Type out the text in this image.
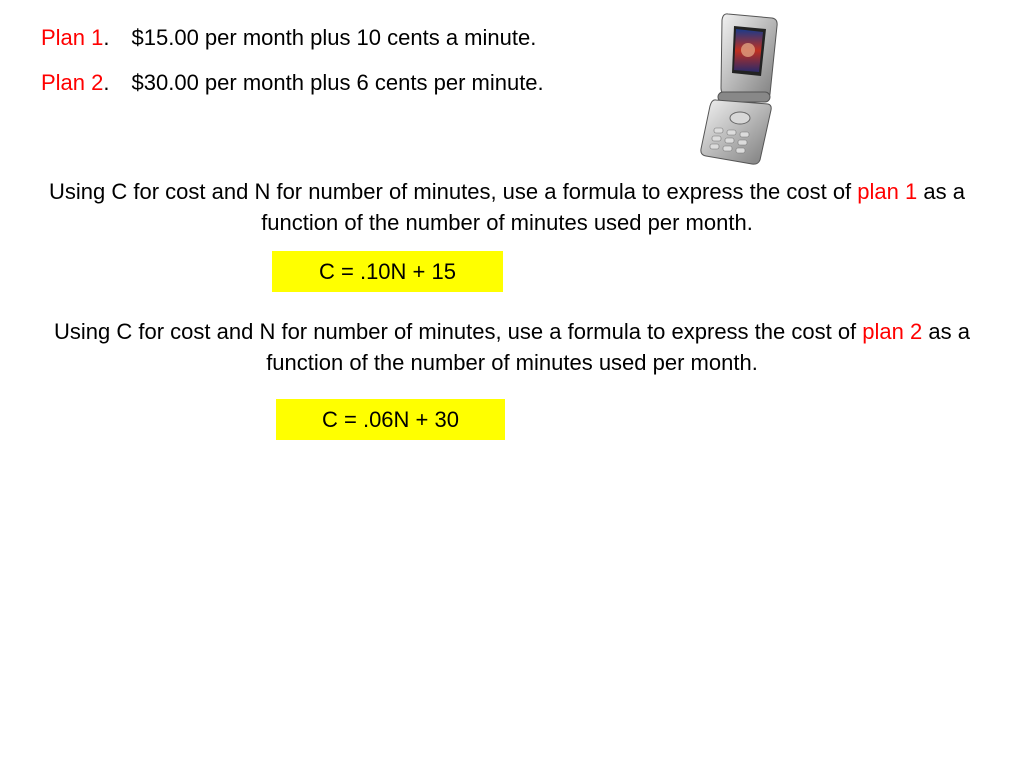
Plan 1. $15.00 per month plus 10 cents a minute.
Plan 2. $30.00 per month plus 6 cents per minute.
Using C for cost and N for number of minutes, use a formula to express the cost of plan 1 as a function of the number of minutes used per month.
C = .10N + 15
Using C for cost and N for number of minutes, use a formula to express the cost of plan 2 as a function of the number of minutes used per month.
C = .06N + 30
